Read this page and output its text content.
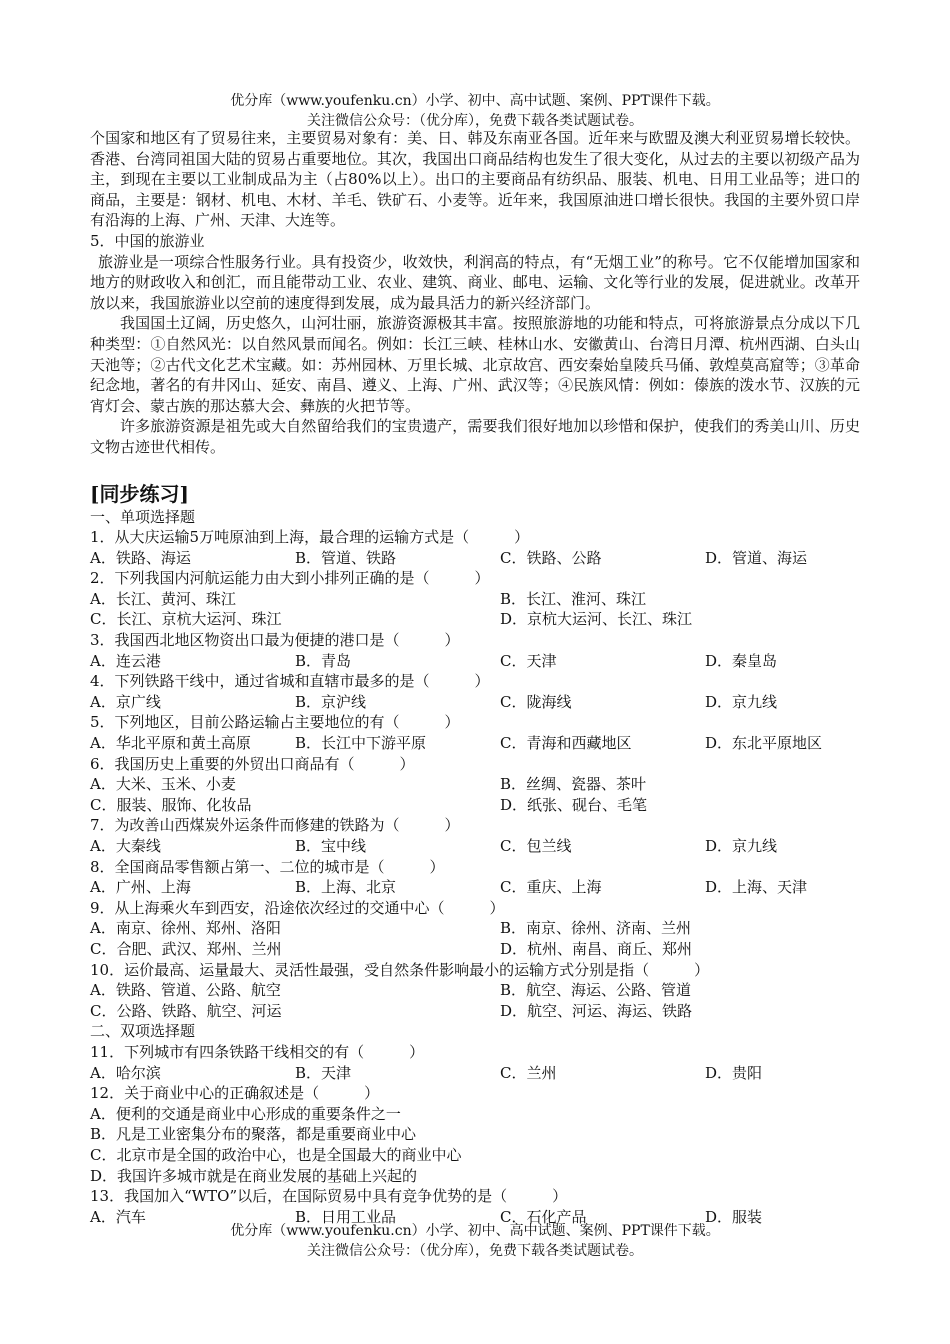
优分库（www.youfenku.cn）小学、初中、高中试题、案例、PPT课件下载。
关注微信公众号：（优分库），免费下载各类试题试卷。
个国家和地区有了贸易往来，主要贸易对象有：美、日、韩及东南亚各国。近年来与欧盟及澳大利亚贸易增长较快。香港、台湾同祖国大陆的贸易占重要地位。其次，我国出口商品结构也发生了很大变化，从过去的主要以初级产品为主，到现在主要以工业制成品为主（占80%以上）。出口的主要商品有纺织品、服装、机电、日用工业品等；进口的商品，主要是：钢材、机电、木材、羊毛、铁矿石、小麦等。近年来，我国原油进口增长很快。我国的主要外贸口岸有沿海的上海、广州、天津、大连等。
5．中国的旅游业
旅游业是一项综合性服务行业。具有投资少，收效快，利润高的特点，有“无烟工业”的称号。它不仅能增加国家和地方的财政收入和创汇，而且能带动工业、农业、建筑、商业、邮电、运输、文化等行业的发展，促进就业。改革开放以来，我国旅游业以空前的速度得到发展，成为最具活力的新兴经济部门。
我国国土辽阔，历史悠久，山河壮丽，旅游资源极其丰富。按照旅游地的功能和特点，可将旅游景点分成以下几种类型：①自然风光：以自然风景而闻名。例如：长江三峡、桂林山水、安徽黄山、台湾日月潭、杭州西湖、白头山天池等；②古代文化艺术宝藏。如：苏州园林、万里长城、北京故宫、西安秦始皇陵兵马俑、敦煌莫高窟等；③革命纪念地，著名的有井冈山、延安、南昌、遵义、上海、广州、武汉等；④民族风情：例如：傣族的泼水节、汉族的元宵灯会、蒙古族的那达慕大会、彝族的火把节等。
许多旅游资源是祖先或大自然留给我们的宝贵遗产，需要我们很好地加以珍惜和保护，使我们的秀美山川、历史文物古迹世代相传。
[同步练习]
一、单项选择题
1．从大庆运输5万吨原油到上海，最合理的运输方式是（　　　）
A．铁路、海运	B．管道、铁路	C．铁路、公路	D．管道、海运
2．下列我国内河航运能力由大到小排列正确的是（　　　）
A．长江、黄河、珠江	B．长江、淮河、珠江
C．长江、京杭大运河、珠江	D．京杭大运河、长江、珠江
3．我国西北地区物资出口最为便捷的港口是（　　　）
A．连云港	B．青岛	C．天津	D．秦皇岛
4．下列铁路干线中，通过省城和直辖市最多的是（　　　）
A．京广线	B．京沪线	C．陇海线	D．京九线
5．下列地区，目前公路运输占主要地位的有（　　　）
A．华北平原和黄土高原	B．长江中下游平原	C．青海和西藏地区	D．东北平原地区
6．我国历史上重要的外贸出口商品有（　　　）
A．大米、玉米、小麦	B．丝绸、瓷器、茶叶
C．服装、服饰、化妆品	D．纸张、砚台、毛笔
7．为改善山西煤炭外运条件而修建的铁路为（　　　）
A．大秦线	B．宝中线	C．包兰线	D．京九线
8．全国商品零售额占第一、二位的城市是（　　　）
A．广州、上海	B．上海、北京	C．重庆、上海	D．上海、天津
9．从上海乘火车到西安，沿途依次经过的交通中心（　　　）
A．南京、徐州、郑州、洛阳	B．南京、徐州、济南、兰州
C．合肥、武汉、郑州、兰州	D．杭州、南昌、商丘、郑州
10．运价最高、运量最大、灵活性最强，受自然条件影响最小的运输方式分别是指（　　　）
A．铁路、管道、公路、航空	B．航空、海运、公路、管道
C．公路、铁路、航空、河运	D．航空、河运、海运、铁路
二、双项选择题
11．下列城市有四条铁路干线相交的有（　　　）
A．哈尔滨	B．天津	C．兰州	D．贵阳
12．关于商业中心的正确叙述是（　　　）
A．便利的交通是商业中心形成的重要条件之一
B．凡是工业密集分布的聚落，都是重要商业中心
C．北京市是全国的政治中心，也是全国最大的商业中心
D．我国许多城市就是在商业发展的基础上兴起的
13．我国加入“WTO”以后，在国际贸易中具有竞争优势的是（　　　）
A．汽车	B．日用工业品	C．石化产品	D．服装
优分库（www.youfenku.cn）小学、初中、高中试题、案例、PPT课件下载。
关注微信公众号：（优分库），免费下载各类试题试卷。
